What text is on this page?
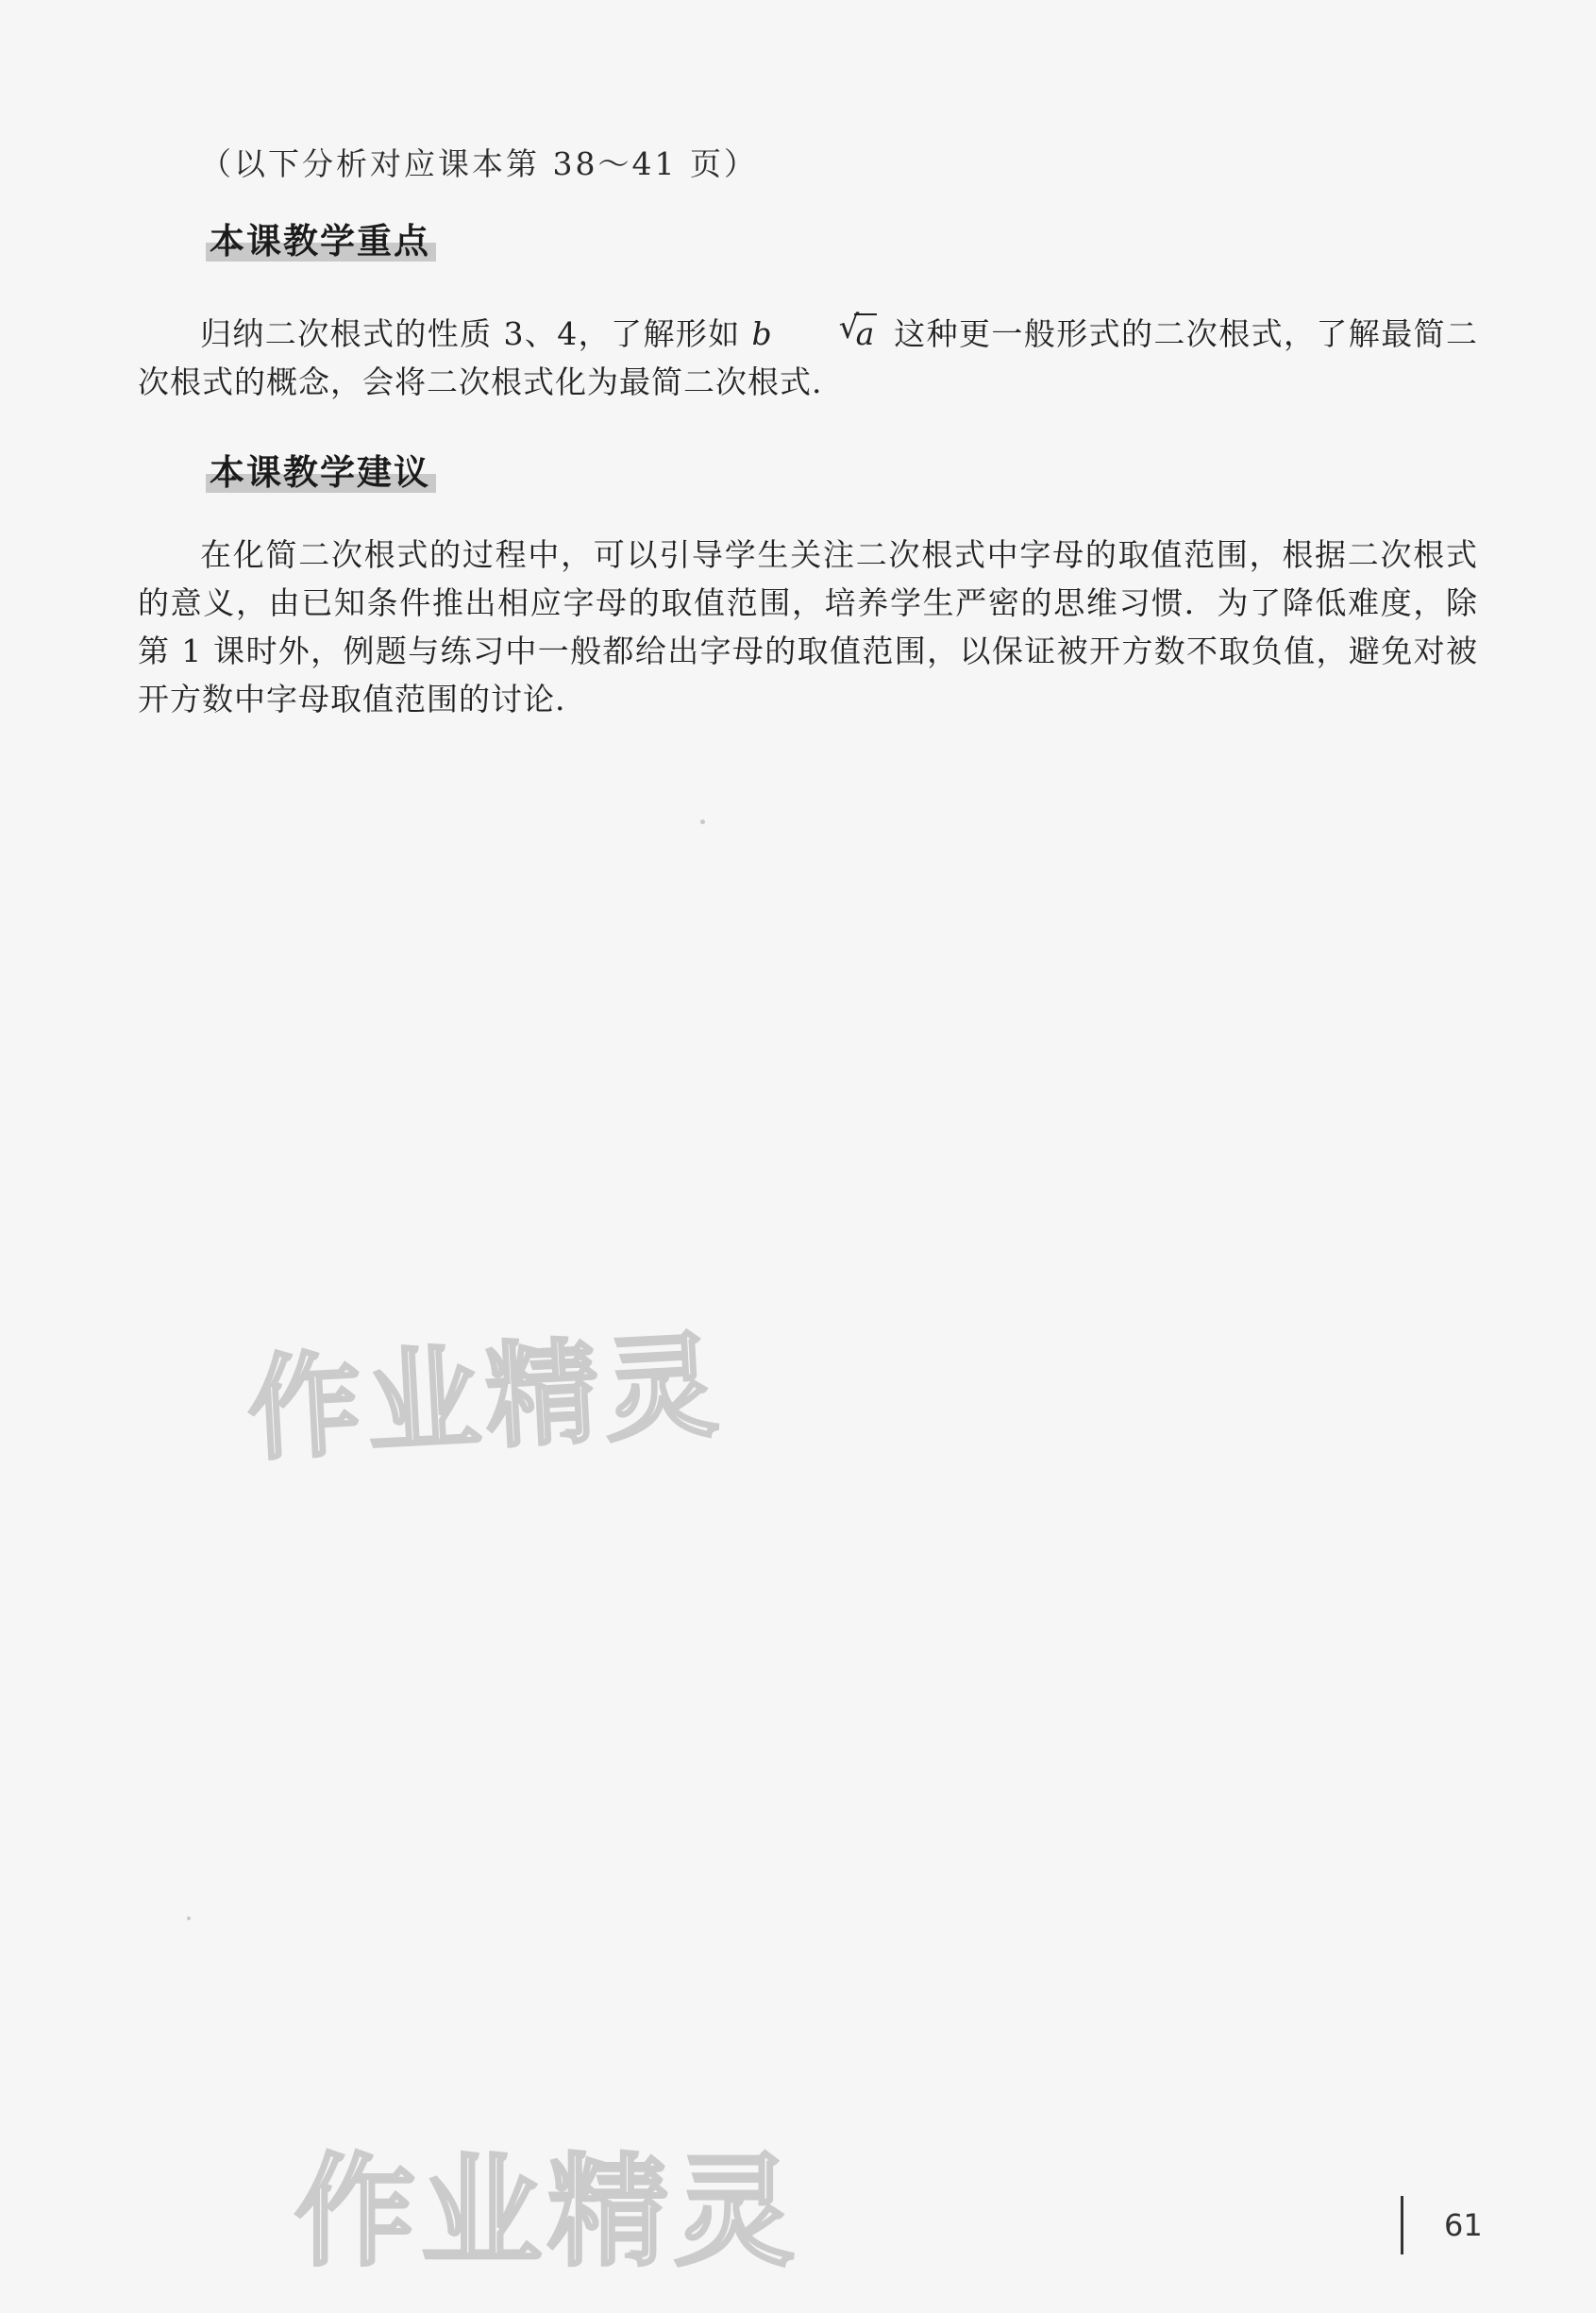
（以下分析对应课本第 38～41 页）
本课教学重点
归纳二次根式的性质 3、4，了解形如 b	√
a 这种更一般形式的二次根式，了解最简二次根式的概念，会将二次根式化为最简二次根式.
本课教学建议
在化简二次根式的过程中，可以引导学生关注二次根式中字母的取值范围，根据二次根式的意义，由已知条件推出相应字母的取值范围，培养学生严密的思维习惯．为了降低难度，除第 1 课时外，例题与练习中一般都给出字母的取值范围，以保证被开方数不取负值，避免对被开方数中字母取值范围的讨论.
作业精灵
作业精灵	61
